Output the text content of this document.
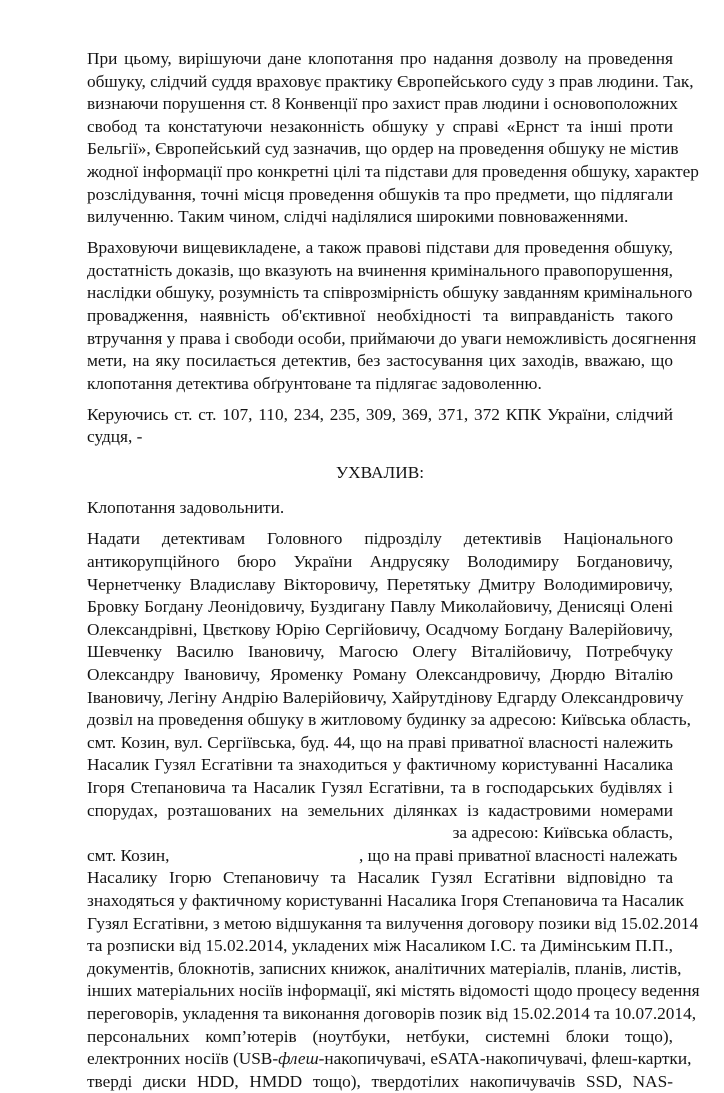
При цьому, вирішуючи дане клопотання про надання дозволу на проведення
обшуку, слідчий суддя враховує практику Європейського суду з прав людини. Так,
визнаючи порушення ст. 8 Конвенції про захист прав людини і основоположних
свобод та констатуючи незаконність обшуку у справі «Ернст та інші проти
Бельгії», Європейський суд зазначив, що ордер на проведення обшуку не містив
жодної інформації про конкретні цілі та підстави для проведення обшуку, характер
розслідування, точні місця проведення обшуків та про предмети, що підлягали
вилученню. Таким чином, слідчі наділялися широкими повноваженнями.
Враховуючи вищевикладене, а також правові підстави для проведення обшуку,
достатність доказів, що вказують на вчинення кримінального правопорушення,
наслідки обшуку, розумність та співрозмірність обшуку завданням кримінального
провадження, наявність об'єктивної необхідності та виправданість такого
втручання у права і свободи особи, приймаючи до уваги неможливість досягнення
мети, на яку посилається детектив, без застосування цих заходів, вважаю, що
клопотання детектива обґрунтоване та підлягає задоволенню.
Керуючись ст. ст. 107, 110, 234, 235, 309, 369, 371, 372 КПК України, слідчий
судця, -

УХВАЛИВ:

Клопотання задовольнити.

Надати детективам Головного підрозділу детективів Національного
антикорупційного бюро України Андрусяку Володимиру Богдановичу,
Чернетченку Владиславу Вікторовичу, Перетятьку Дмитру Володимировичу,
Бровку Богдану Леонідовичу, Буздигану Павлу Миколайовичу, Денисяці Олені
Олександрівні, Цвєткову Юрію Сергійовичу, Осадчому Богдану Валерійовичу,
Шевченку Василю Івановичу, Магосю Олегу Віталійовичу, Потребчуку
Олександру Івановичу, Яроменку Роману Олександровичу, Дюрдю Віталію
Івановичу, Легіну Андрію Валерійовичу, Хайрутдінову Едгарду Олександровичу
дозвіл на проведення обшуку в житловому будинку за адресою: Київська область,
смт. Козин, вул. Сергіївська, буд. 44, що на праві приватної власності належить
Насалик Гузял Есгатівни та знаходиться у фактичному користуванні Насалика
Ігоря Степановича та Насалик Гузял Есгатівни, та в господарських будівлях і
спорудах, розташованих на земельних ділянках із кадастровими номерами
за адресою: Київська область,
смт. Козин,	, що на праві приватної власності належать
Насалику Ігорю Степановичу та Насалик Гузял Есгатівни відповідно та
знаходяться у фактичному користуванні Насалика Ігоря Степановича та Насалик
Гузял Есгатівни, з метою відшукання та вилучення договору позики від 15.02.2014
та розписки від 15.02.2014, укладених між Насаликом І.С. та Димінським П.П.,
документів, блокнотів, записних книжок, аналітичних матеріалів, планів, листів,
інших матеріальних носіїв інформації, які містять відомості щодо процесу ведення
переговорів, укладення та виконання договорів позик від 15.02.2014 та 10.07.2014,
персональних комп’ютерів (ноутбуки, нетбуки, системні блоки тощо),
електронних носіїв (USB-флеш-накопичувачі, eSATA-накопичувачі, флеш-картки,
тверді диски HDD, HMDD тощо), твердотілих накопичувачів SSD, NAS-
